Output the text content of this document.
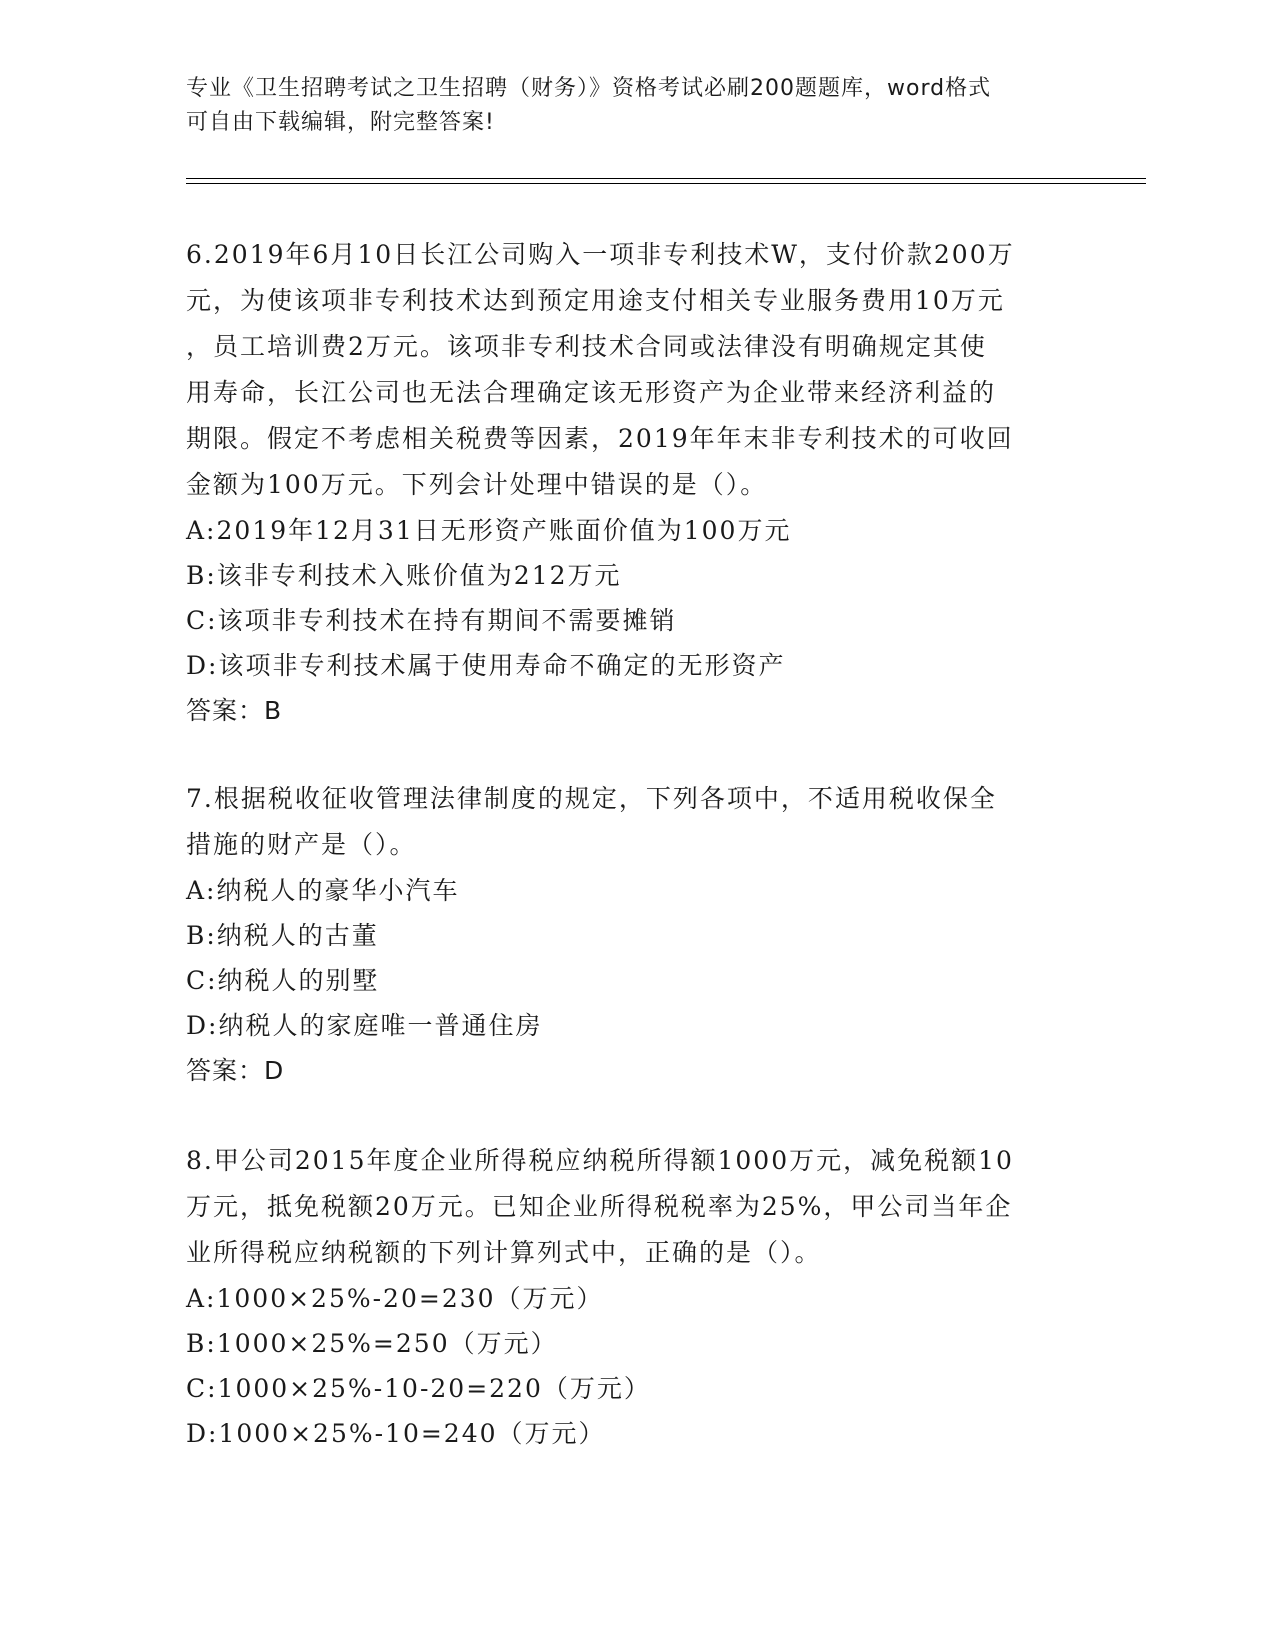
专业《卫生招聘考试之卫生招聘（财务）》资格考试必刷200题题库，word格式
可自由下载编辑，附完整答案!
6.2019年6月10日长江公司购入一项非专利技术W，支付价款200万
元，为使该项非专利技术达到预定用途支付相关专业服务费用10万元
，员工培训费2万元。该项非专利技术合同或法律没有明确规定其使
用寿命，长江公司也无法合理确定该无形资产为企业带来经济利益的
期限。假定不考虑相关税费等因素，2019年年末非专利技术的可收回
金额为100万元。下列会计处理中错误的是（）。
A:2019年12月31日无形资产账面价值为100万元
B:该非专利技术入账价值为212万元
C:该项非专利技术在持有期间不需要摊销
D:该项非专利技术属于使用寿命不确定的无形资产
答案：B
7.根据税收征收管理法律制度的规定，下列各项中，不适用税收保全
措施的财产是（）。
A:纳税人的豪华小汽车
B:纳税人的古董
C:纳税人的别墅
D:纳税人的家庭唯一普通住房
答案：D
8.甲公司2015年度企业所得税应纳税所得额1000万元，减免税额10
万元，抵免税额20万元。已知企业所得税税率为25%，甲公司当年企
业所得税应纳税额的下列计算列式中，正确的是（）。
A:1000×25%-20=230（万元）
B:1000×25%=250（万元）
C:1000×25%-10-20=220（万元）
D:1000×25%-10=240（万元）
